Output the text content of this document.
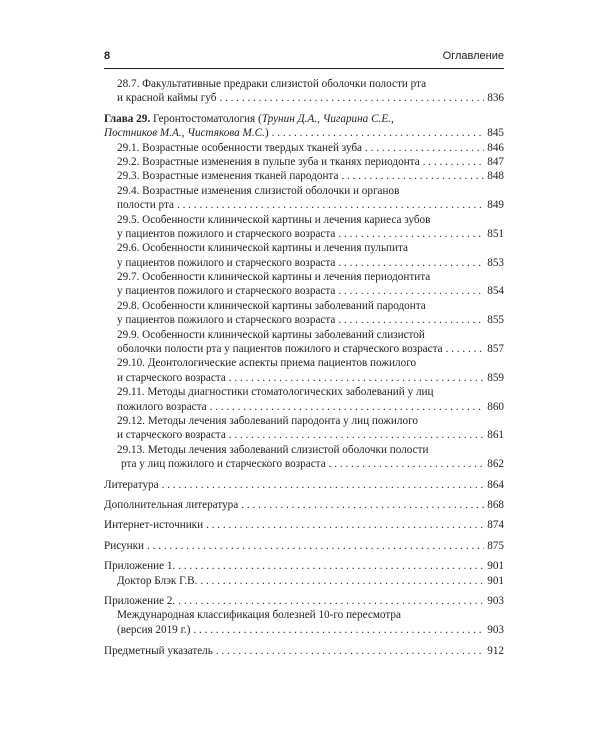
8	Оглавление
28.7. Факультативные предраки слизистой оболочки полости рта
и красной каймы губ . . .	836
Глава 29.
Геронтостоматология ( Трунин Д.А., Чигарина С.Е.,
Постников М.А., Чистякова М.С. ) . . .	845
29.1. Возрастные особенности твердых тканей зуба . . .	846
29.2. Возрастные изменения в пульпе зуба и тканях периодонта . . .	847
29.3. Возрастные изменения тканей пародонта . . .	848
29.4. Возрастные изменения слизистой оболочки и органов
полости рта . . .	849
29.5. Особенности клинической картины и лечения кариеса зубов
у пациентов пожилого и старческого возраста . . .	851
29.6. Особенности клинической картины и лечения пульпита
у пациентов пожилого и старческого возраста . . .	853
29.7. Особенности клинической картины и лечения периодонтита
у пациентов пожилого и старческого возраста . . .	854
29.8. Особенности клинической картины заболеваний пародонта
у пациентов пожилого и старческого возраста . . .	855
29.9. Особенности клинической картины заболеваний слизистой
оболочки полости рта у пациентов пожилого и старческого возраста . . .	857
29.10. Деонтологические аспекты приема пациентов пожилого
и старческого возраста . . .	859
29.11. Методы диагностики стоматологических заболеваний у лиц
пожилого возраста . . .	860
29.12. Методы лечения заболеваний пародонта у лиц пожилого
и старческого возраста . . .	861
29.13. Методы лечения заболеваний слизистой оболочки полости
рта у лиц пожилого и старческого возраста . . .	862
Литература . . .	864
Дополнительная литература . . .	868
Интернет-источники . . .	874
Рисунки . . .	875
Приложение 1. . . .	901
Доктор Блэк Г.В. . . .	901
Приложение 2. . . .	903
Международная классификация болезней 10-го пересмотра
(версия 2019 г.) . . .	903
Предметный указатель . . .	912
